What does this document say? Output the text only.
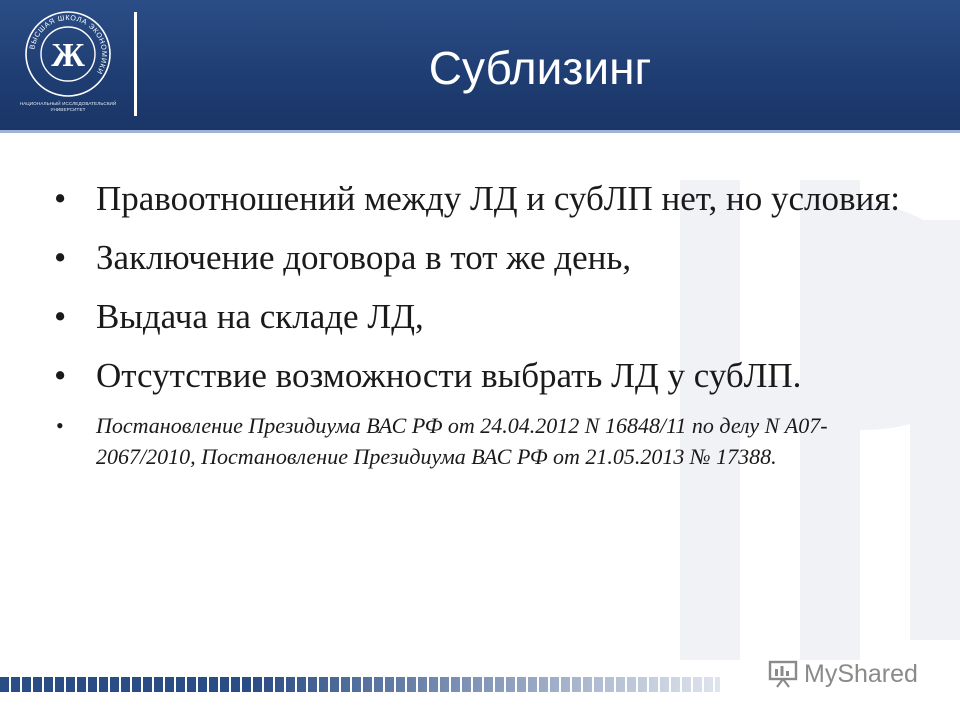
ВЫСШАЯ ШКОЛА ЭКОНОМИКИ
Ж
НАЦИОНАЛЬНЫЙ ИССЛЕДОВАТЕЛЬСКИЙ
УНИВЕРСИТЕТ
Сублизинг
• Правоотношений между ЛД и субЛП нет, но условия:
• Заключение договора в тот же день,
• Выдача на складе ЛД,
• Отсутствие возможности выбрать ЛД у субЛП.
• Постановление Президиума ВАС РФ от 24.04.2012 N 16848/11 по делу N А07-2067/2010, Постановление Президиума ВАС РФ от 21.05.2013 № 17388.
MyShared
